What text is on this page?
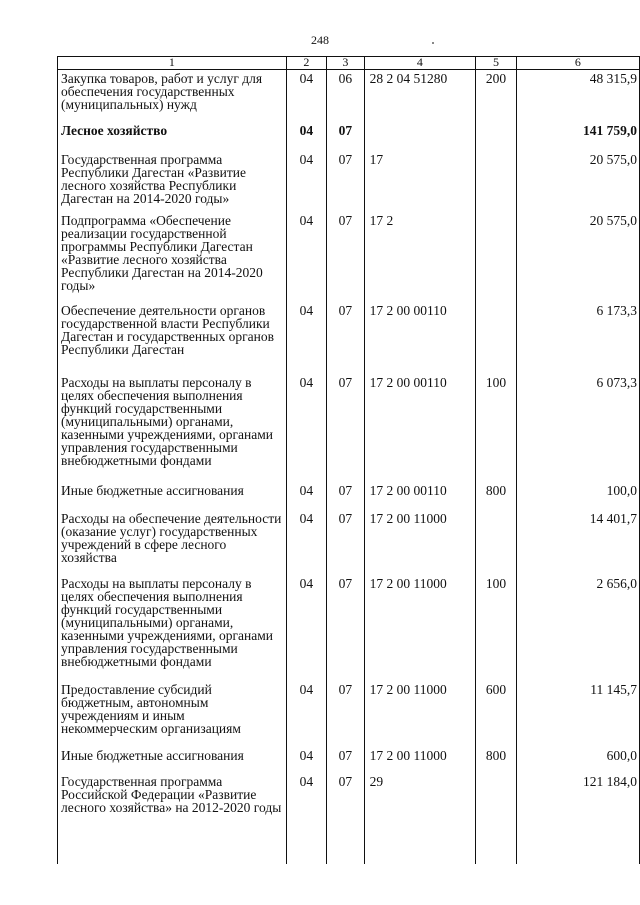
248
1	2	3	4	5	6
Закупка товаров, работ и услуг для обеспечения государственных (муниципальных) нужд	04	06	28 2 04 51280	200	48 315,9
Лесное хозяйство	04	07			141 759,0
Государственная программа Республики Дагестан «Развитие лесного хозяйства Республики Дагестан на 2014-2020 годы»	04	07	17		20 575,0
Подпрограмма «Обеспечение реализации государственной программы Республики Дагестан «Развитие лесного хозяйства Республики Дагестан на 2014-2020 годы»	04	07	17 2		20 575,0
Обеспечение деятельности органов государственной власти Республики Дагестан и государственных органов Республики Дагестан	04	07	17 2 00 00110		6 173,3
Расходы на выплаты персоналу в целях обеспечения выполнения функций государственными (муниципальными) органами, казенными учреждениями, органами управления государственными внебюджетными фондами	04	07	17 2 00 00110	100	6 073,3
Иные бюджетные ассигнования	04	07	17 2 00 00110	800	100,0
Расходы на обеспечение деятельности (оказание услуг) государственных учреждений в сфере лесного хозяйства	04	07	17 2 00 11000		14 401,7
Расходы на выплаты персоналу в целях обеспечения выполнения функций государственными (муниципальными) органами, казенными учреждениями, органами управления государственными внебюджетными фондами	04	07	17 2 00 11000	100	2 656,0
Предоставление субсидий бюджетным, автономным учреждениям и иным некоммерческим организациям	04	07	17 2 00 11000	600	11 145,7
Иные бюджетные ассигнования	04	07	17 2 00 11000	800	600,0
Государственная программа Российской Федерации «Развитие лесного хозяйства» на 2012-2020 годы	04	07	29		121 184,0
